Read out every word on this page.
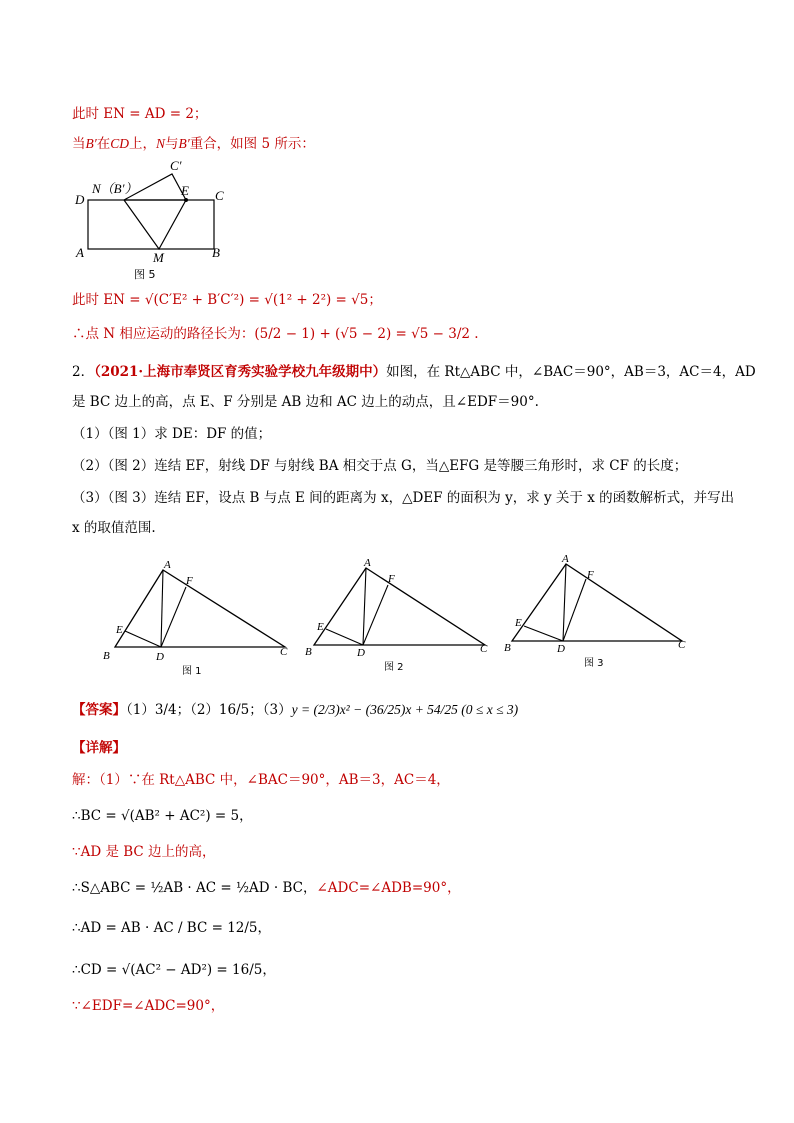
此时 EN = AD = 2；
当B′在CD上，N与B′重合，如图 5 所示：
N（B′）
C′
E
D	C
A	M	B
图 5
此时 EN = √(C′E² + B′C′²) = √(1² + 2²) = √5；
∴点 N 相应运动的路径长为：(5/2 − 1) + (√5 − 2) = √5 − 3/2 .
2．（2021·上海市奉贤区育秀实验学校九年级期中）如图，在 Rt△ABC 中，∠BAC＝90°，AB＝3，AC＝4，AD
是 BC 边上的高，点 E、F 分别是 AB 边和 AC 边上的动点，且∠EDF＝90°.
（1）（图 1）求 DE：DF 的值；
（2）（图 2）连结 EF，射线 DF 与射线 BA 相交于点 G，当△EFG 是等腰三角形时，求 CF 的长度；
（3）（图 3）连结 EF，设点 B 与点 E 间的距离为 x，△DEF 的面积为 y，求 y 关于 x 的函数解析式，并写出
x 的取值范围.
A
F
E
B	D	C
图 1
A
F
E
B	D	C
图 2
A
F
E
B	D	C
图 3
【答案】（1）3/4；（2）16/5；（3）y = (2/3)x² − (36/25)x + 54/25 (0 ≤ x ≤ 3)
【详解】
解：（1）∵在 Rt△ABC 中，∠BAC＝90°，AB＝3，AC＝4，
∴BC = √(AB² + AC²) = 5，
∵AD 是 BC 边上的高，
∴S△ABC = ½AB · AC = ½AD · BC，∠ADC=∠ADB=90°，
∴AD = AB · AC / BC = 12/5，
∴CD = √(AC² − AD²) = 16/5，
∵∠EDF=∠ADC=90°，
